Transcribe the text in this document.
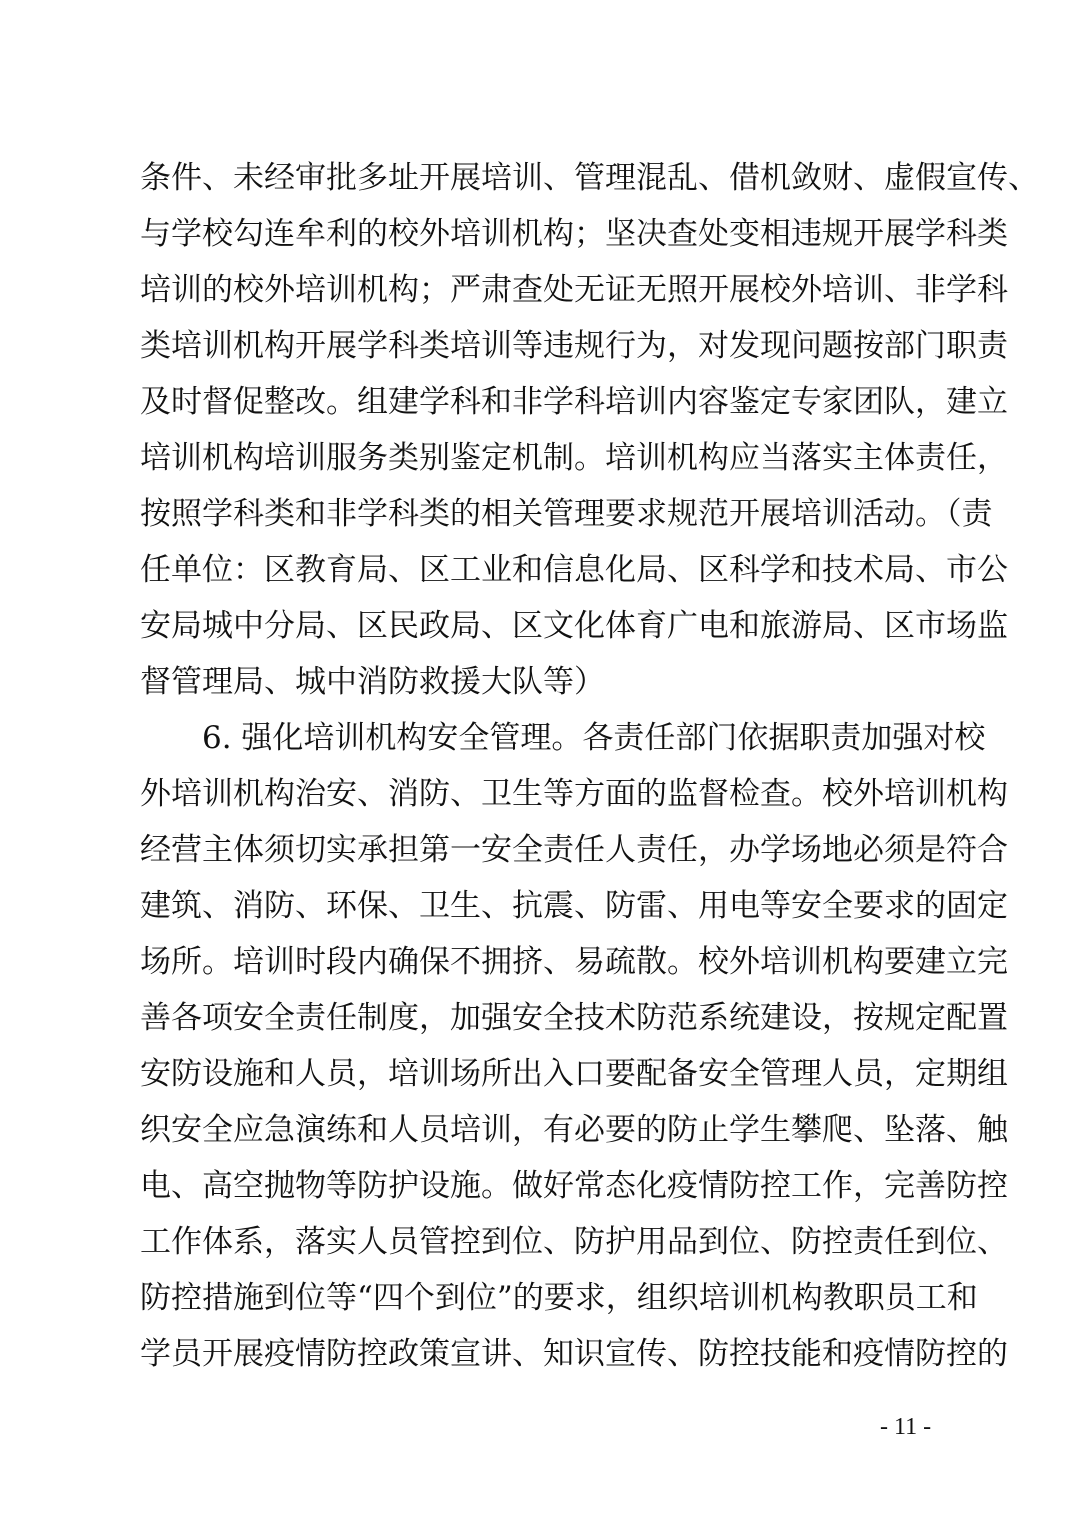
条件、未经审批多址开展培训、管理混乱、借机敛财、虚假宣传、
与学校勾连牟利的校外培训机构；坚决查处变相违规开展学科类
培训的校外培训机构；严肃查处无证无照开展校外培训、非学科
类培训机构开展学科类培训等违规行为，对发现问题按部门职责
及时督促整改。组建学科和非学科培训内容鉴定专家团队，建立
培训机构培训服务类别鉴定机制。培训机构应当落实主体责任，
按照学科类和非学科类的相关管理要求规范开展培训活动。（责
任单位：区教育局、区工业和信息化局、区科学和技术局、市公
安局城中分局、区民政局、区文化体育广电和旅游局、区市场监
督管理局、城中消防救援大队等）
6. 强化培训机构安全管理。各责任部门依据职责加强对校
外培训机构治安、消防、卫生等方面的监督检查。校外培训机构
经营主体须切实承担第一安全责任人责任，办学场地必须是符合
建筑、消防、环保、卫生、抗震、防雷、用电等安全要求的固定
场所。培训时段内确保不拥挤、易疏散。校外培训机构要建立完
善各项安全责任制度，加强安全技术防范系统建设，按规定配置
安防设施和人员，培训场所出入口要配备安全管理人员，定期组
织安全应急演练和人员培训，有必要的防止学生攀爬、坠落、触
电、高空抛物等防护设施。做好常态化疫情防控工作，完善防控
工作体系，落实人员管控到位、防护用品到位、防控责任到位、
防控措施到位等“四个到位”的要求，组织培训机构教职员工和
学员开展疫情防控政策宣讲、知识宣传、防控技能和疫情防控的
- 11 -
